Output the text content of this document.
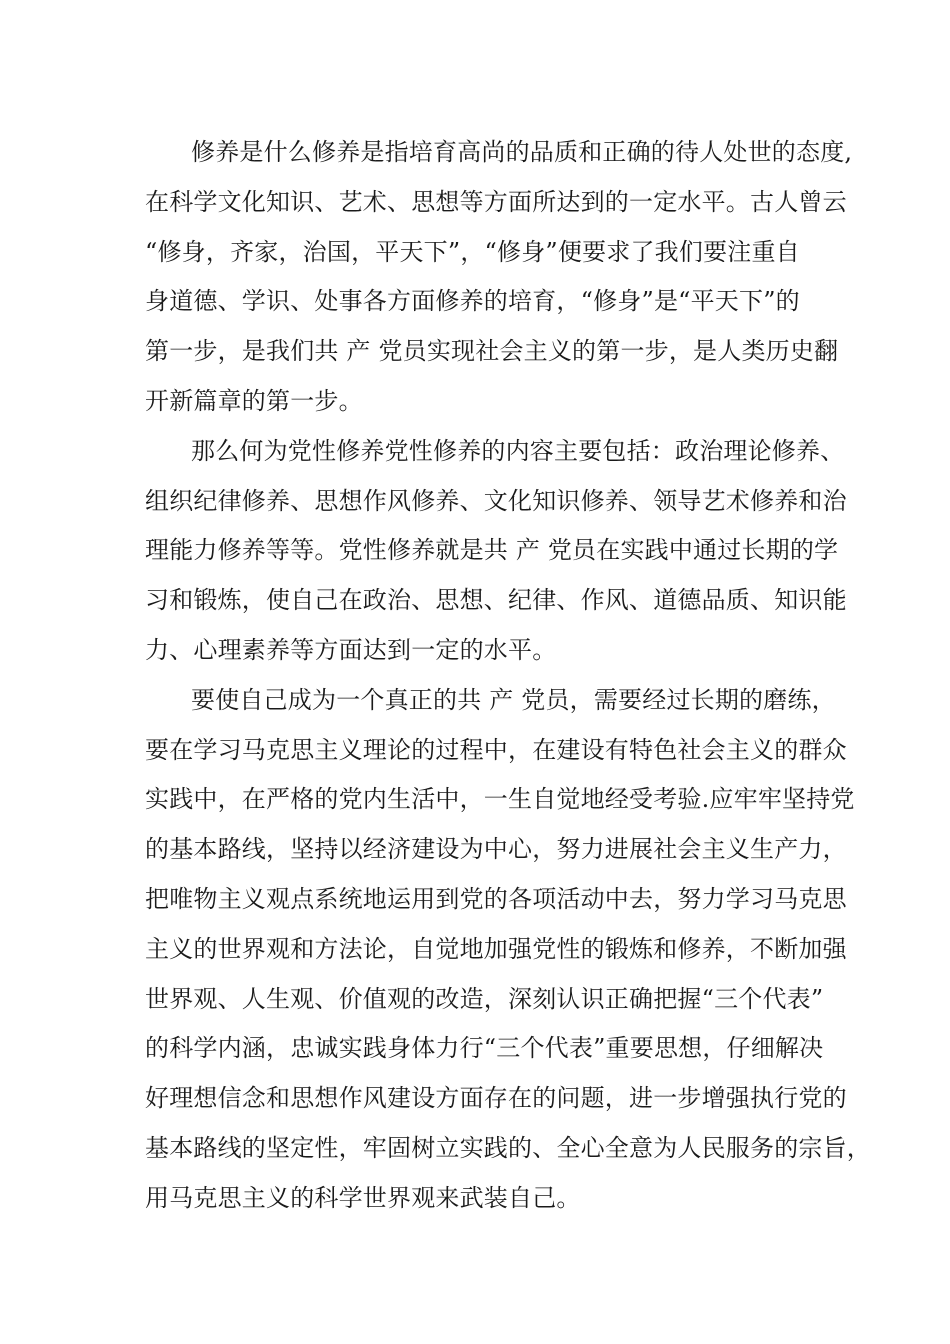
修养是什么修养是指培育高尚的品质和正确的待人处世的态度,
在科学文化知识、艺术、思想等方面所达到的一定水平。古人曾云
“修身，齐家，治国，平天下”，“修身”便要求了我们要注重自
身道德、学识、处事各方面修养的培育，“修身”是“平天下”的
第一步，是我们共 产 党员实现社会主义的第一步，是人类历史翻
开新篇章的第一步。
那么何为党性修养党性修养的内容主要包括：政治理论修养、
组织纪律修养、思想作风修养、文化知识修养、领导艺术修养和治
理能力修养等等。党性修养就是共 产 党员在实践中通过长期的学
习和锻炼，使自己在政治、思想、纪律、作风、道德品质、知识能
力、心理素养等方面达到一定的水平。
要使自己成为一个真正的共 产 党员，需要经过长期的磨练，
要在学习马克思主义理论的过程中，在建设有特色社会主义的群众
实践中，在严格的党内生活中，一生自觉地经受考验.应牢牢坚持党
的基本路线，坚持以经济建设为中心，努力进展社会主义生产力，
把唯物主义观点系统地运用到党的各项活动中去，努力学习马克思
主义的世界观和方法论，自觉地加强党性的锻炼和修养，不断加强
世界观、人生观、价值观的改造，深刻认识正确把握“三个代表”
的科学内涵，忠诚实践身体力行“三个代表”重要思想，仔细解决
好理想信念和思想作风建设方面存在的问题，进一步增强执行党的
基本路线的坚定性，牢固树立实践的、全心全意为人民服务的宗旨，
用马克思主义的科学世界观来武装自己。
